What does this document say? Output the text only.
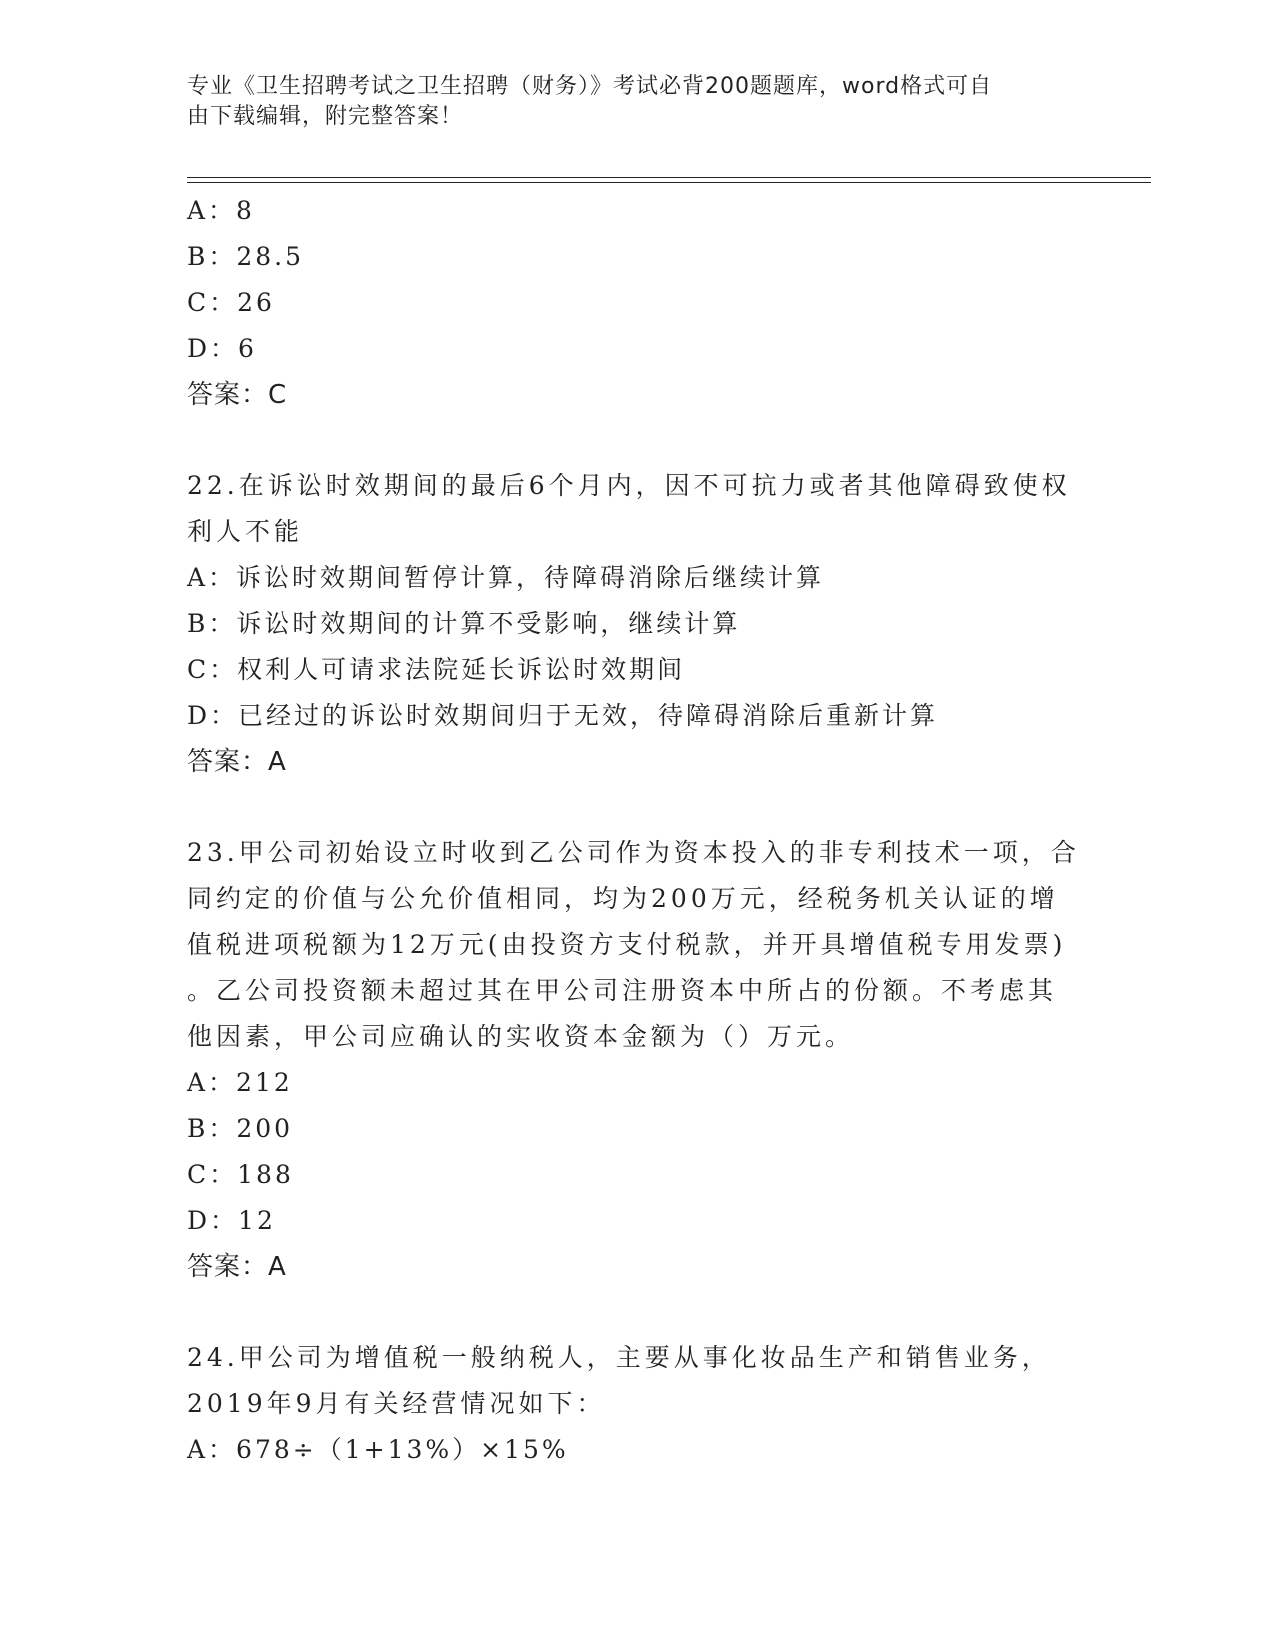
专业《卫生招聘考试之卫生招聘（财务）》考试必背200题题库，word格式可自
由下载编辑，附完整答案！
A：8
B：28.5
C：26
D：6
答案：C
22.在诉讼时效期间的最后6个月内，因不可抗力或者其他障碍致使权
利人不能
A：诉讼时效期间暂停计算，待障碍消除后继续计算
B：诉讼时效期间的计算不受影响，继续计算
C：权利人可请求法院延长诉讼时效期间
D：已经过的诉讼时效期间归于无效，待障碍消除后重新计算
答案：A
23.甲公司初始设立时收到乙公司作为资本投入的非专利技术一项，合
同约定的价值与公允价值相同，均为200万元，经税务机关认证的增
值税进项税额为12万元(由投资方支付税款，并开具增值税专用发票)
。乙公司投资额未超过其在甲公司注册资本中所占的份额。不考虑其
他因素，甲公司应确认的实收资本金额为（）万元。
A：212
B：200
C：188
D：12
答案：A
24.甲公司为增值税一般纳税人，主要从事化妆品生产和销售业务，
2019年9月有关经营情况如下：
A：678÷（1+13%）×15%
